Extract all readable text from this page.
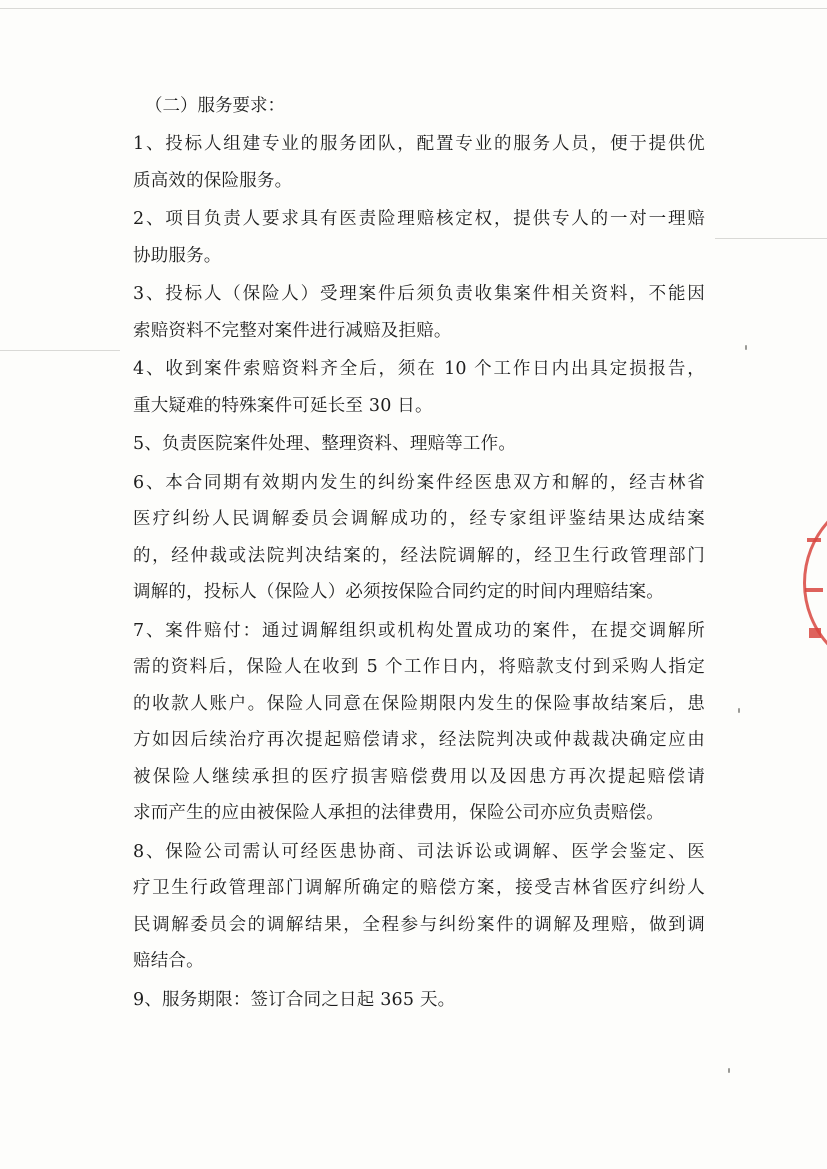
（二）服务要求：
1、投标人组建专业的服务团队，配置专业的服务人员，便于提供优
质高效的保险服务。
2、项目负责人要求具有医责险理赔核定权，提供专人的一对一理赔
协助服务。
3、投标人（保险人）受理案件后须负责收集案件相关资料，不能因
索赔资料不完整对案件进行减赔及拒赔。
4、收到案件索赔资料齐全后，须在 10 个工作日内出具定损报告，
重大疑难的特殊案件可延长至 30 日。
5、负责医院案件处理、整理资料、理赔等工作。
6、本合同期有效期内发生的纠纷案件经医患双方和解的，经吉林省
医疗纠纷人民调解委员会调解成功的，经专家组评鉴结果达成结案
的，经仲裁或法院判决结案的，经法院调解的，经卫生行政管理部门
调解的，投标人（保险人）必须按保险合同约定的时间内理赔结案。
7、案件赔付：通过调解组织或机构处置成功的案件，在提交调解所
需的资料后，保险人在收到 5 个工作日内，将赔款支付到采购人指定
的收款人账户。保险人同意在保险期限内发生的保险事故结案后，患
方如因后续治疗再次提起赔偿请求，经法院判决或仲裁裁决确定应由
被保险人继续承担的医疗损害赔偿费用以及因患方再次提起赔偿请
求而产生的应由被保险人承担的法律费用，保险公司亦应负责赔偿。
8、保险公司需认可经医患协商、司法诉讼或调解、医学会鉴定、医
疗卫生行政管理部门调解所确定的赔偿方案，接受吉林省医疗纠纷人
民调解委员会的调解结果，全程参与纠纷案件的调解及理赔，做到调
赔结合。
9、服务期限：签订合同之日起 365 天。
